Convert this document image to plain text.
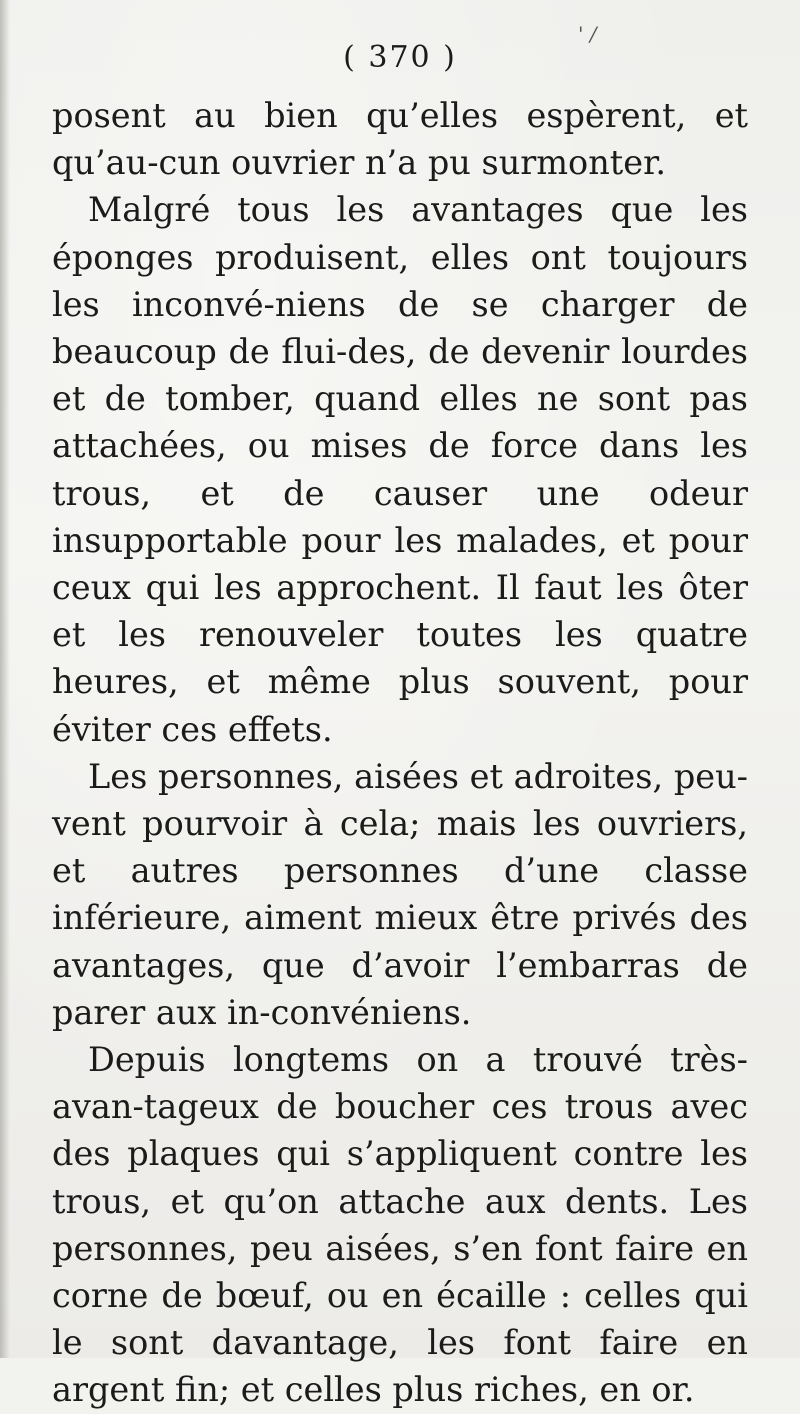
' /
( 370 )

posent au bien qu’elles espèrent, et qu’au-cun ouvrier n’a pu surmonter.

Malgré tous les avantages que les éponges produisent, elles ont toujours les inconvé-niens de se charger de beaucoup de flui-des, de devenir lourdes et de tomber, quand elles ne sont pas attachées, ou mises de force dans les trous, et de causer une odeur insupportable pour les malades, et pour ceux qui les approchent. Il faut les ôter et les renouveler toutes les quatre heures, et même plus souvent, pour éviter ces effets.

Les personnes, aisées et adroites, peu-vent pourvoir à cela; mais les ouvriers, et autres personnes d’une classe inférieure, aiment mieux être privés des avantages, que d’avoir l’embarras de parer aux in-convéniens.

Depuis longtems on a trouvé très-avan-tageux de boucher ces trous avec des plaques qui s’appliquent contre les trous, et qu’on attache aux dents. Les personnes, peu aisées, s’en font faire en corne de bœuf, ou en écaille : celles qui le sont davantage, les font faire en argent fin; et celles plus riches, en or.
